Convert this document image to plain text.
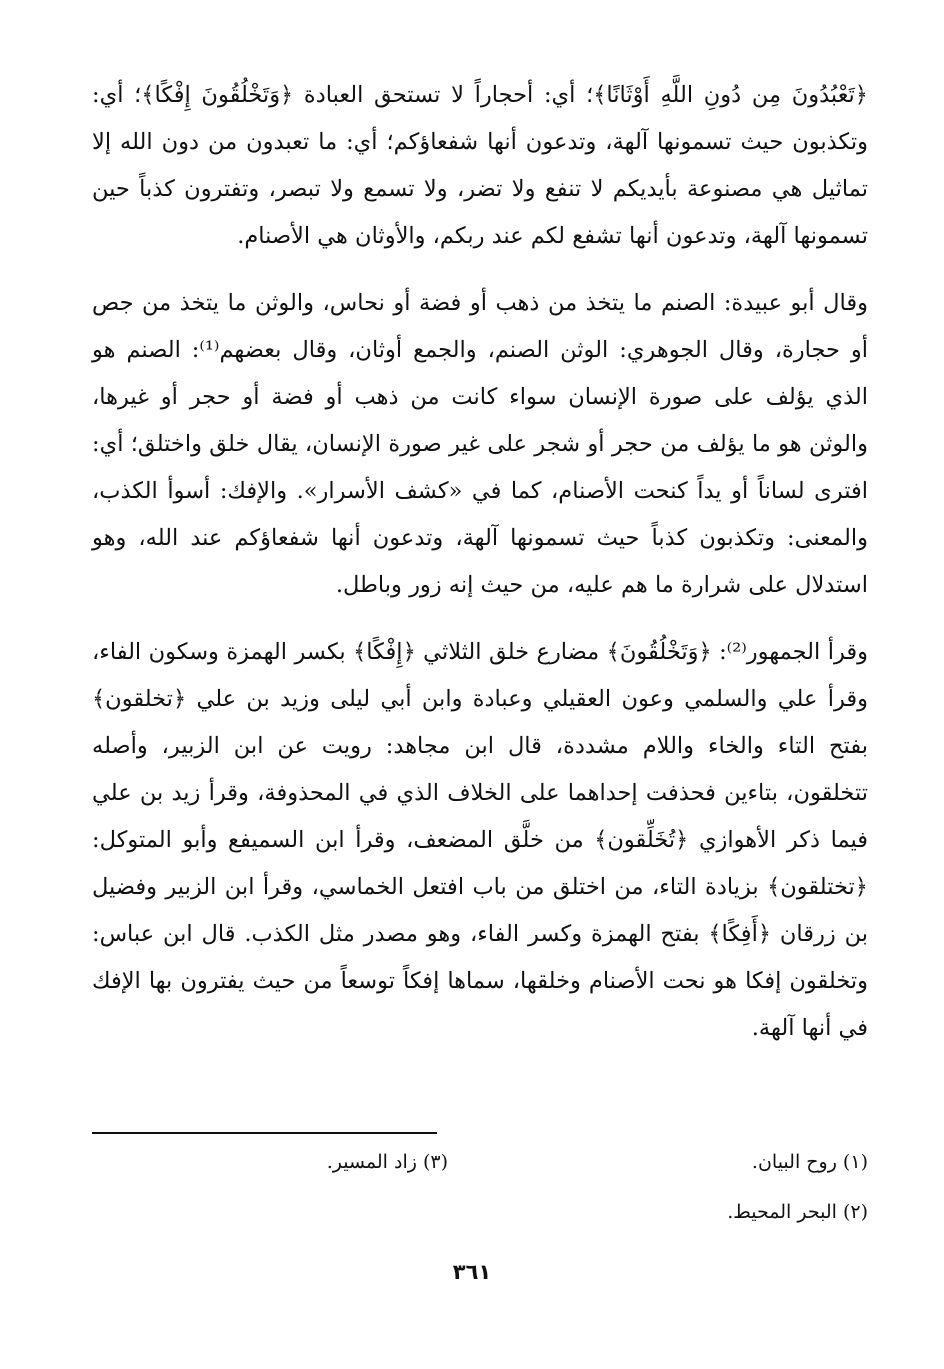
﴿تَعْبُدُونَ مِن دُونِ اللَّهِ أَوْثَانًا﴾؛ أي: أحجاراً لا تستحق العبادة ﴿وَتَخْلُقُونَ إِفْكًا﴾؛ أي: وتكذبون حيث تسمونها آلهة، وتدعون أنها شفعاؤكم؛ أي: ما تعبدون من دون الله إلا تماثيل هي مصنوعة بأيديكم لا تنفع ولا تضر، ولا تسمع ولا تبصر، وتفترون كذباً حين تسمونها آلهة، وتدعون أنها تشفع لكم عند ربكم، والأوثان هي الأصنام.

وقال أبو عبيدة: الصنم ما يتخذ من ذهب أو فضة أو نحاس، والوثن ما يتخذ من جص أو حجارة، وقال الجوهري: الوثن الصنم، والجمع أوثان، وقال بعضهم⁽¹⁾: الصنم هو الذي يؤلف على صورة الإنسان سواء كانت من ذهب أو فضة أو حجر أو غيرها، والوثن هو ما يؤلف من حجر أو شجر على غير صورة الإنسان، يقال خلق واختلق؛ أي: افترى لساناً أو يداً كنحت الأصنام، كما في «كشف الأسرار». والإفك: أسوأ الكذب، والمعنى: وتكذبون كذباً حيث تسمونها آلهة، وتدعون أنها شفعاؤكم عند الله، وهو استدلال على شرارة ما هم عليه، من حيث إنه زور وباطل.

وقرأ الجمهور⁽²⁾: ﴿وَتَخْلُقُونَ﴾ مضارع خلق الثلاثي ﴿إِفْكًا﴾ بكسر الهمزة وسكون الفاء، وقرأ علي والسلمي وعون العقيلي وعبادة وابن أبي ليلى وزيد بن علي ﴿تخلقون﴾ بفتح التاء والخاء واللام مشددة، قال ابن مجاهد: رويت عن ابن الزبير، وأصله تتخلقون، بتاءين فحذفت إحداهما على الخلاف الذي في المحذوفة، وقرأ زيد بن علي فيما ذكر الأهوازي ﴿تُخَلِّقون﴾ من خلَّق المضعف، وقرأ ابن السميفع وأبو المتوكل: ﴿تختلقون﴾ بزيادة التاء، من اختلق من باب افتعل الخماسي، وقرأ ابن الزبير وفضيل بن زرقان ﴿أَفِكًا﴾ بفتح الهمزة وكسر الفاء، وهو مصدر مثل الكذب. قال ابن عباس: وتخلقون إفكا هو نحت الأصنام وخلقها، سماها إفكاً توسعاً من حيث يفترون بها الإفك في أنها آلهة.

(١) روح البيان.
(٣) زاد المسير.
(٢) البحر المحيط.
٣٦١
